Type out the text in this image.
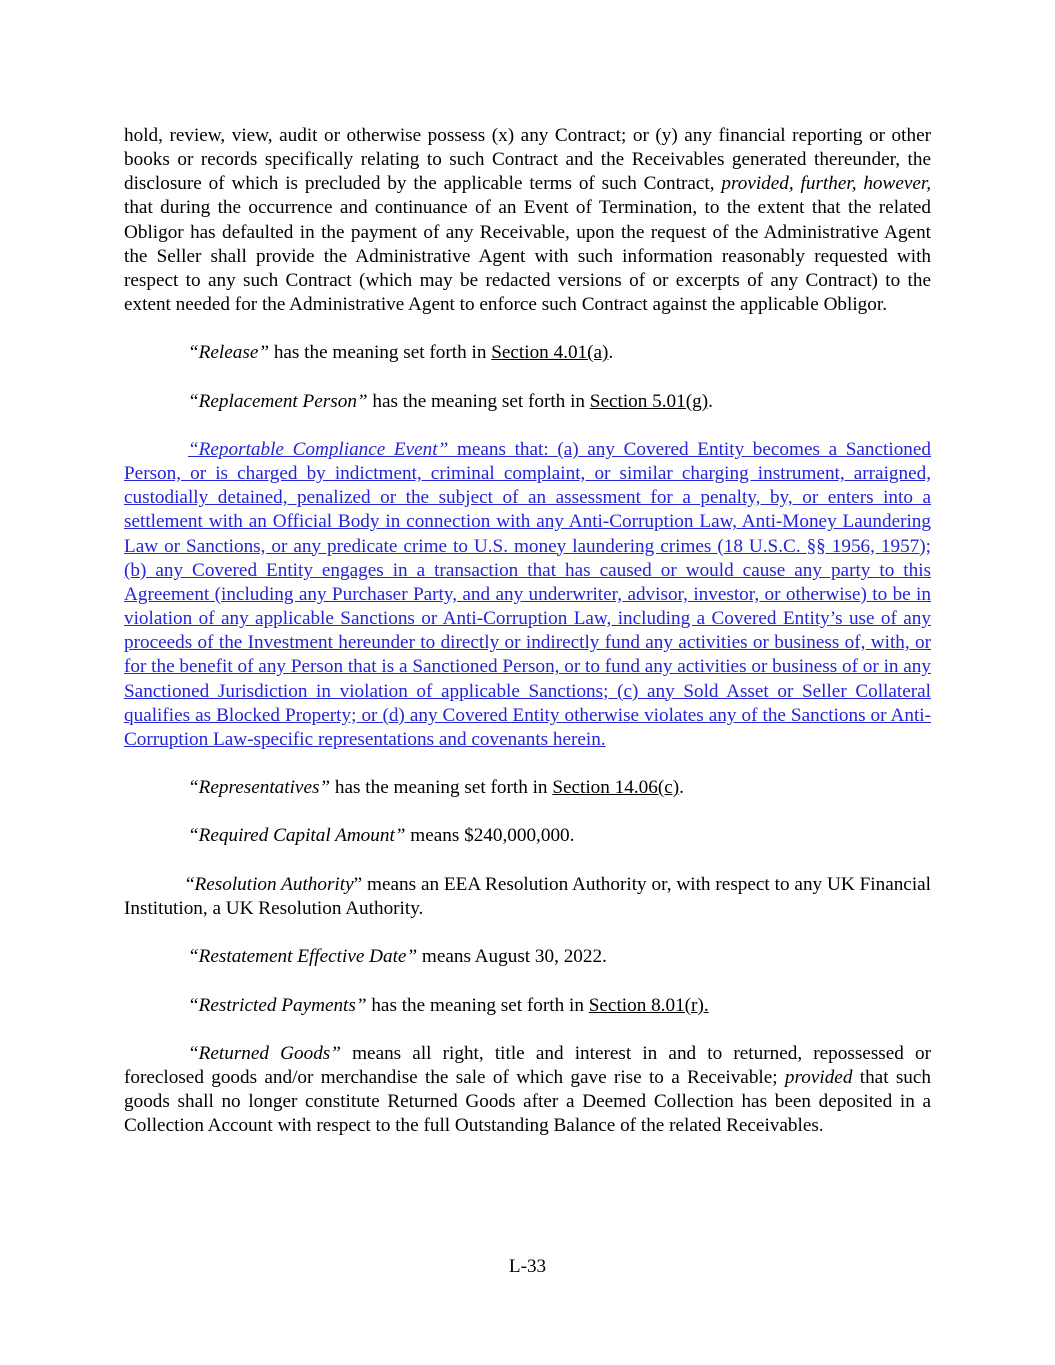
hold, review, view, audit or otherwise possess (x) any Contract; or (y) any financial reporting or other books or records specifically relating to such Contract and the Receivables generated thereunder, the disclosure of which is precluded by the applicable terms of such Contract, provided, further, however, that during the occurrence and continuance of an Event of Termination, to the extent that the related Obligor has defaulted in the payment of any Receivable, upon the request of the Administrative Agent the Seller shall provide the Administrative Agent with such information reasonably requested with respect to any such Contract (which may be redacted versions of or excerpts of any Contract) to the extent needed for the Administrative Agent to enforce such Contract against the applicable Obligor.

“Release” has the meaning set forth in Section 4.01(a).

“Replacement Person” has the meaning set forth in Section 5.01(g).

“Reportable Compliance Event” means that: (a) any Covered Entity becomes a Sanctioned Person, or is charged by indictment, criminal complaint, or similar charging instrument, arraigned, custodially detained, penalized or the subject of an assessment for a penalty, by, or enters into a settlement with an Official Body in connection with any Anti-Corruption Law, Anti-Money Laundering Law or Sanctions, or any predicate crime to U.S. money laundering crimes (18 U.S.C. §§ 1956, 1957); (b) any Covered Entity engages in a transaction that has caused or would cause any party to this Agreement (including any Purchaser Party, and any underwriter, advisor, investor, or otherwise) to be in violation of any applicable Sanctions or Anti-Corruption Law, including a Covered Entity’s use of any proceeds of the Investment hereunder to directly or indirectly fund any activities or business of, with, or for the benefit of any Person that is a Sanctioned Person, or to fund any activities or business of or in any Sanctioned Jurisdiction in violation of applicable Sanctions; (c) any Sold Asset or Seller Collateral qualifies as Blocked Property; or (d) any Covered Entity otherwise violates any of the Sanctions or Anti-Corruption Law-specific representations and covenants herein.

“Representatives” has the meaning set forth in Section 14.06(c).

“Required Capital Amount” means $240,000,000.

“Resolution Authority” means an EEA Resolution Authority or, with respect to any UK Financial Institution, a UK Resolution Authority.

“Restatement Effective Date” means August 30, 2022.

“Restricted Payments” has the meaning set forth in Section 8.01(r).

“Returned Goods” means all right, title and interest in and to returned, repossessed or foreclosed goods and/or merchandise the sale of which gave rise to a Receivable; provided that such goods shall no longer constitute Returned Goods after a Deemed Collection has been deposited in a Collection Account with respect to the full Outstanding Balance of the related Receivables.

L-33
